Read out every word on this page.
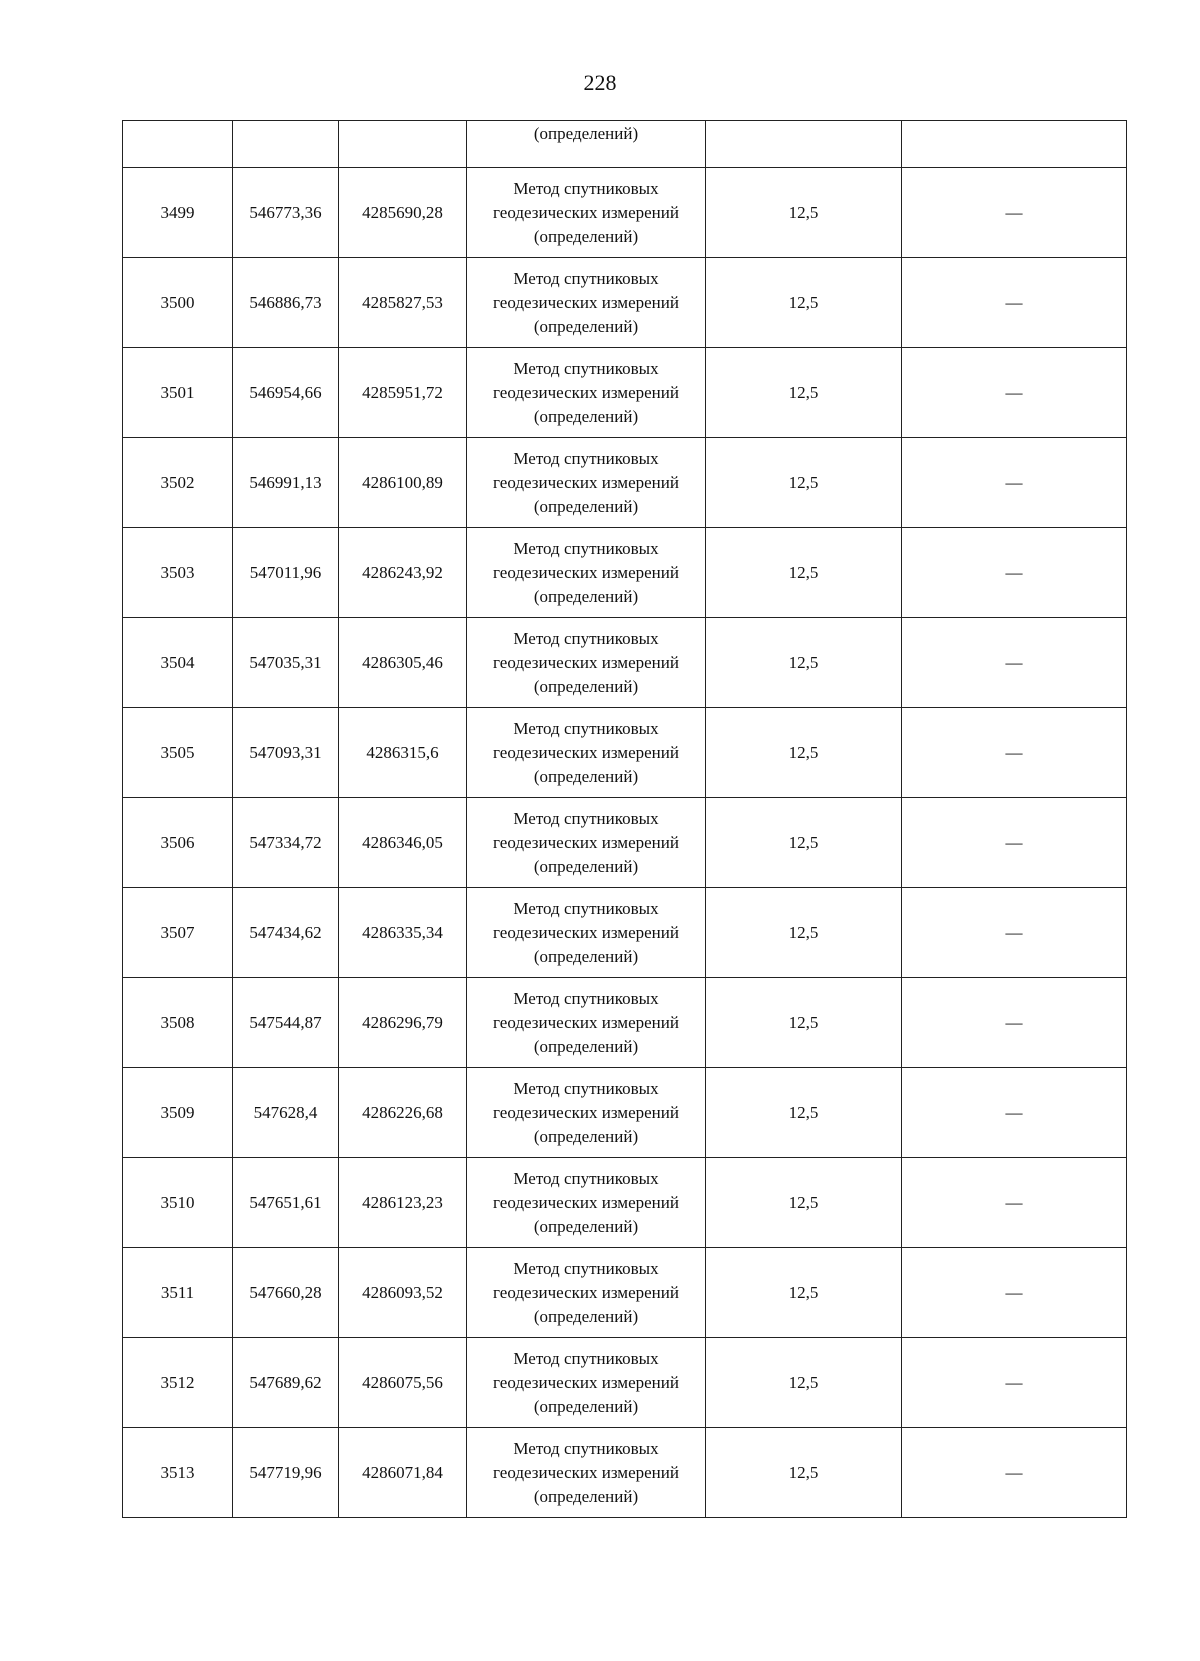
228
			(определений)		
3499	546773,36	4285690,28	Метод спутниковых геодезических измерений (определений)	12,5	—
3500	546886,73	4285827,53	Метод спутниковых геодезических измерений (определений)	12,5	—
3501	546954,66	4285951,72	Метод спутниковых геодезических измерений (определений)	12,5	—
3502	546991,13	4286100,89	Метод спутниковых геодезических измерений (определений)	12,5	—
3503	547011,96	4286243,92	Метод спутниковых геодезических измерений (определений)	12,5	—
3504	547035,31	4286305,46	Метод спутниковых геодезических измерений (определений)	12,5	—
3505	547093,31	4286315,6	Метод спутниковых геодезических измерений (определений)	12,5	—
3506	547334,72	4286346,05	Метод спутниковых геодезических измерений (определений)	12,5	—
3507	547434,62	4286335,34	Метод спутниковых геодезических измерений (определений)	12,5	—
3508	547544,87	4286296,79	Метод спутниковых геодезических измерений (определений)	12,5	—
3509	547628,4	4286226,68	Метод спутниковых геодезических измерений (определений)	12,5	—
3510	547651,61	4286123,23	Метод спутниковых геодезических измерений (определений)	12,5	—
3511	547660,28	4286093,52	Метод спутниковых геодезических измерений (определений)	12,5	—
3512	547689,62	4286075,56	Метод спутниковых геодезических измерений (определений)	12,5	—
3513	547719,96	4286071,84	Метод спутниковых геодезических измерений (определений)	12,5	—
